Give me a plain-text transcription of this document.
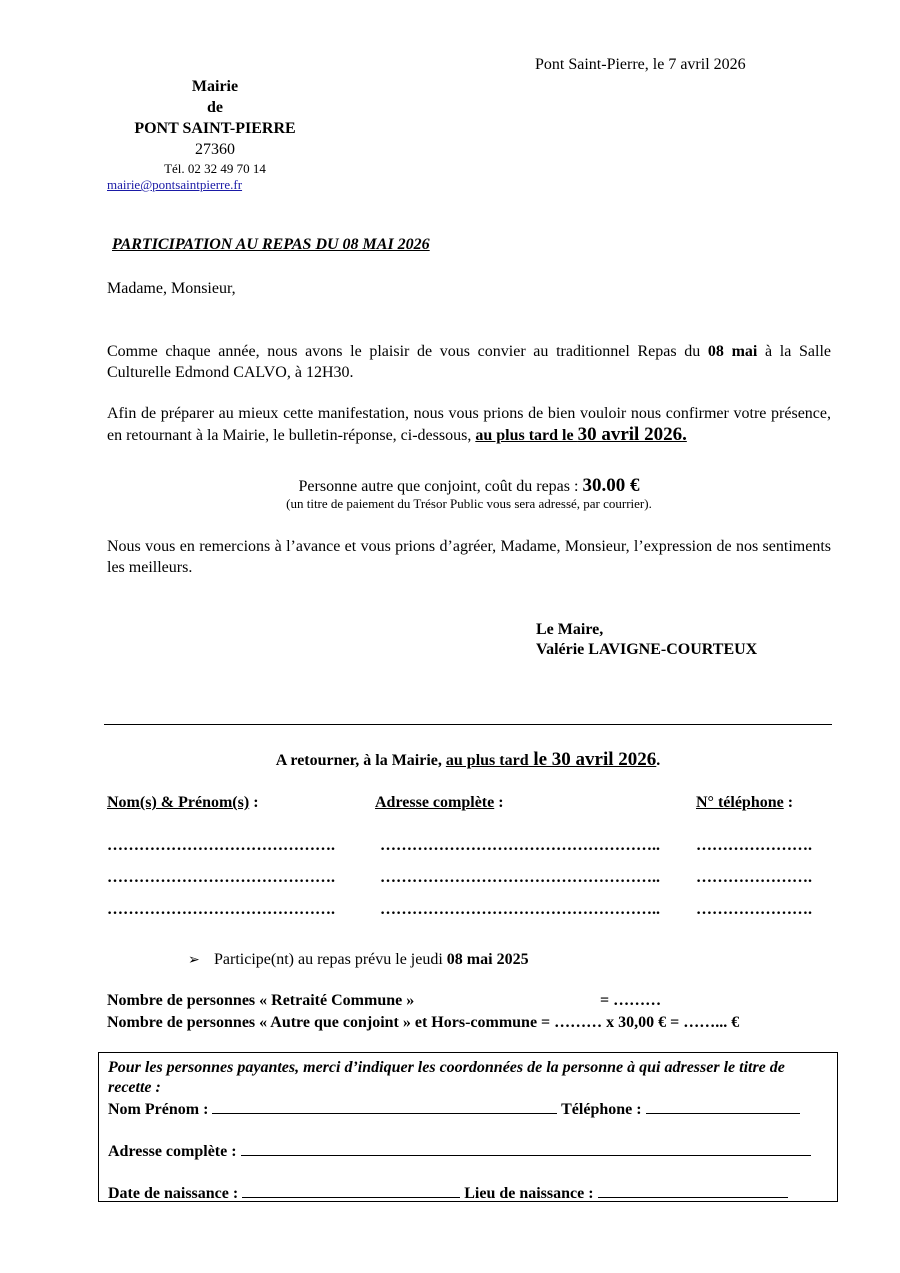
Pont Saint-Pierre, le 7 avril 2026
Mairie
de
PONT SAINT-PIERRE
27360
Tél. 02 32 49 70 14
mairie@pontsaintpierre.fr
PARTICIPATION AU REPAS DU 08 MAI 2026
Madame, Monsieur,
Comme chaque année, nous avons le plaisir de vous convier au traditionnel Repas du 08 mai à la Salle Culturelle Edmond CALVO, à 12H30.
Afin de préparer au mieux cette manifestation, nous vous prions de bien vouloir nous confirmer votre présence, en retournant à la Mairie, le bulletin-réponse, ci-dessous, au plus tard le 30 avril 2026.
Personne autre que conjoint, coût du repas : 30.00 €
(un titre de paiement du Trésor Public vous sera adressé, par courrier).
Nous vous en remercions à l’avance et vous prions d’agréer, Madame, Monsieur, l’expression de nos sentiments les meilleurs.
Le Maire,
Valérie LAVIGNE-COURTEUX
A retourner, à la Mairie, au plus tard le 30 avril 2026.
Nom(s) & Prénom(s) :	Adresse complète :	N° téléphone :
…………………………………….	…………………………………………….. ………………….
…………………………………….	…………………………………………….. ………………….
…………………………………….	…………………………………………….. ………………….
➢ Participe(nt) au repas prévu le jeudi 08 mai 2025
Nombre de personnes « Retraité Commune »	= ………
Nombre de personnes « Autre que conjoint » et Hors-commune = ……… x 30,00 € = ……... €
Pour les personnes payantes, merci d’indiquer les coordonnées de la personne à qui adresser le titre de recette :
Nom Prénom :	Téléphone :
Adresse complète :
Date de naissance :	Lieu de naissance :
